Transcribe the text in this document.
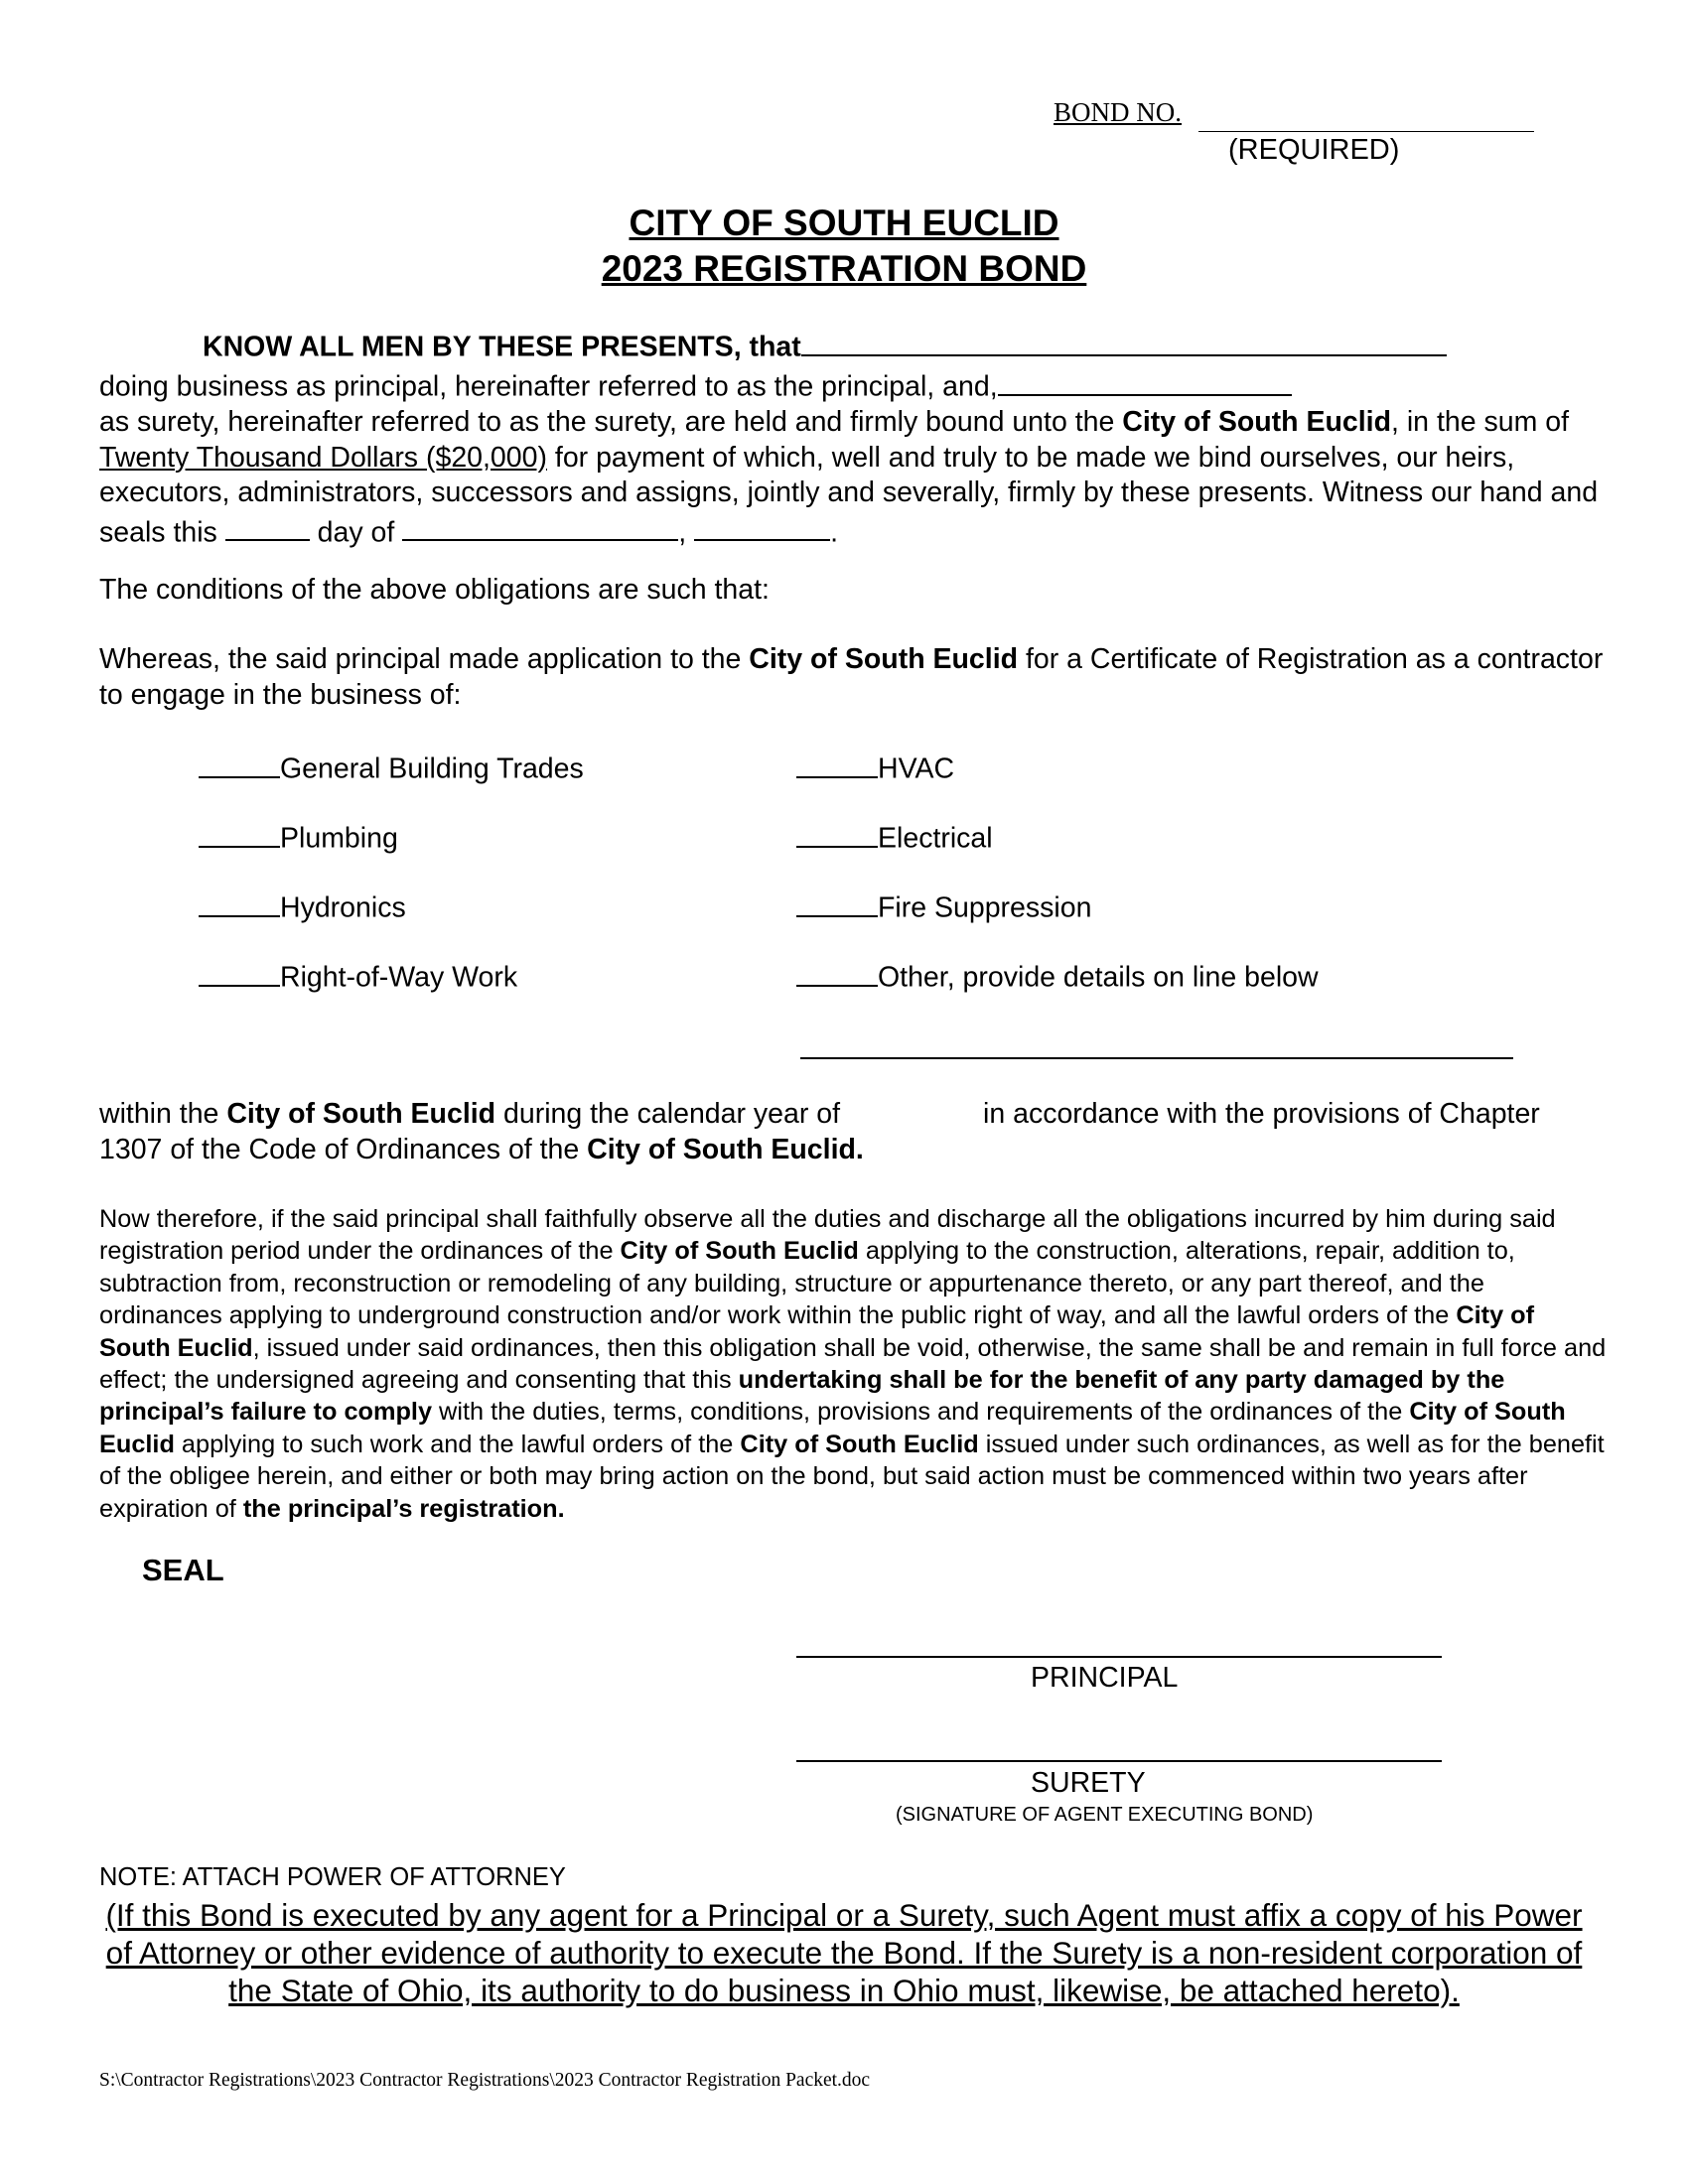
BOND NO.
(REQUIRED)
CITY OF SOUTH EUCLID
2023 REGISTRATION BOND
KNOW ALL MEN BY THESE PRESENTS, that
doing business as principal, hereinafter referred to as the principal, and,

as surety, hereinafter referred to as the surety, are held and firmly bound unto the City of South Euclid, in the sum of Twenty Thousand Dollars ($20,000) for payment of which, well and truly to be made we bind ourselves, our heirs, executors, administrators, successors and assigns, jointly and severally, firmly by these presents. Witness our hand and seals this	day of	,	.

The conditions of the above obligations are such that:
Whereas, the said principal made application to the City of South Euclid for a Certificate of Registration as a contractor to engage in the business of:
General Building Trades	HVAC
Plumbing	Electrical
Hydronics	Fire Suppression
Right-of-Way Work	Other, provide details on line below
within the City of South Euclid during the calendar year of
1307 of the Code of Ordinances of the City of South Euclid.
in accordance with the provisions of Chapter
Now therefore, if the said principal shall faithfully observe all the duties and discharge all the obligations incurred by him during said registration period under the ordinances of the City of South Euclid applying to the construction, alterations, repair, addition to, subtraction from, reconstruction or remodeling of any building, structure or appurtenance thereto, or any part thereof, and the ordinances applying to underground construction and/or work within the public right of way, and all the lawful orders of the City of South Euclid, issued under said ordinances, then this obligation shall be void, otherwise, the same shall be and remain in full force and effect; the undersigned agreeing and consenting that this undertaking shall be for the benefit of any party damaged by the principal’s failure to comply with the duties, terms, conditions, provisions and requirements of the ordinances of the City of South Euclid applying to such work and the lawful orders of the City of South Euclid issued under such ordinances, as well as for the benefit of the obligee herein, and either or both may bring action on the bond, but said action must be commenced within two years after expiration of the principal’s registration.
SEAL
PRINCIPAL
SURETY
(SIGNATURE OF AGENT EXECUTING BOND)
NOTE: ATTACH POWER OF ATTORNEY
(If this Bond is executed by any agent for a Principal or a Surety, such Agent must affix a copy of his Power of Attorney or other evidence of authority to execute the Bond. If the Surety is a non-resident corporation of the State of Ohio, its authority to do business in Ohio must, likewise, be attached hereto).
S:\Contractor Registrations\2023 Contractor Registrations\2023 Contractor Registration Packet.doc
